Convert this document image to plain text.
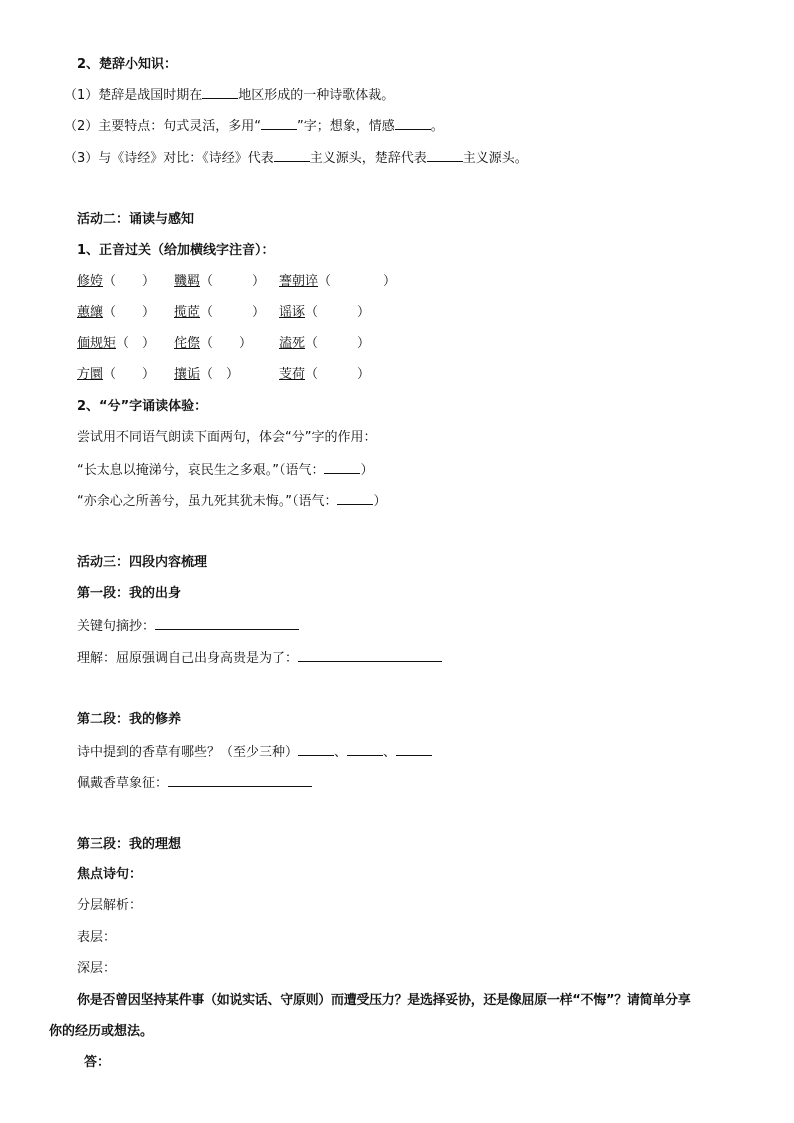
2、楚辞小知识：
（1）楚辞是战国时期在	地区形成的一种诗歌体裁。
（2）主要特点：句式灵活，多用“	”字；想象，情感	。
（3）与《诗经》对比：《诗经》代表	主义源头，楚辞代表	主义源头。
活动二：诵读与感知
1、正音过关（给加横线字注音）：
修姱（　　） 鞿羁（　　　） 謇朝谇（　　　　）
蕙纕（　　） 揽茝（　　　） 谣诼（　　　）
偭规矩（　） 侘傺（　　） 溘死（　　　）
方圜（　　） 攘诟（　）	芰荷（　　　）
2、“兮”字诵读体验：
尝试用不同语气朗读下面两句，体会“兮”字的作用：
“长太息以掩涕兮，哀民生之多艰。”（语气：	）
“亦余心之所善兮，虽九死其犹未悔。”（语气：	）
活动三：四段内容梳理
第一段：我的出身
关键句摘抄：
理解：屈原强调自己出身高贵是为了：
第二段：我的修养
诗中提到的香草有哪些？（至少三种）	、	、
佩戴香草象征：
第三段：我的理想
焦点诗句：
分层解析：
表层：
深层：
你是否曾因坚持某件事（如说实话、守原则）而遭受压力？是选择妥协，还是像屈原一样“不悔”？请简单分享
你的经历或想法。
答：
